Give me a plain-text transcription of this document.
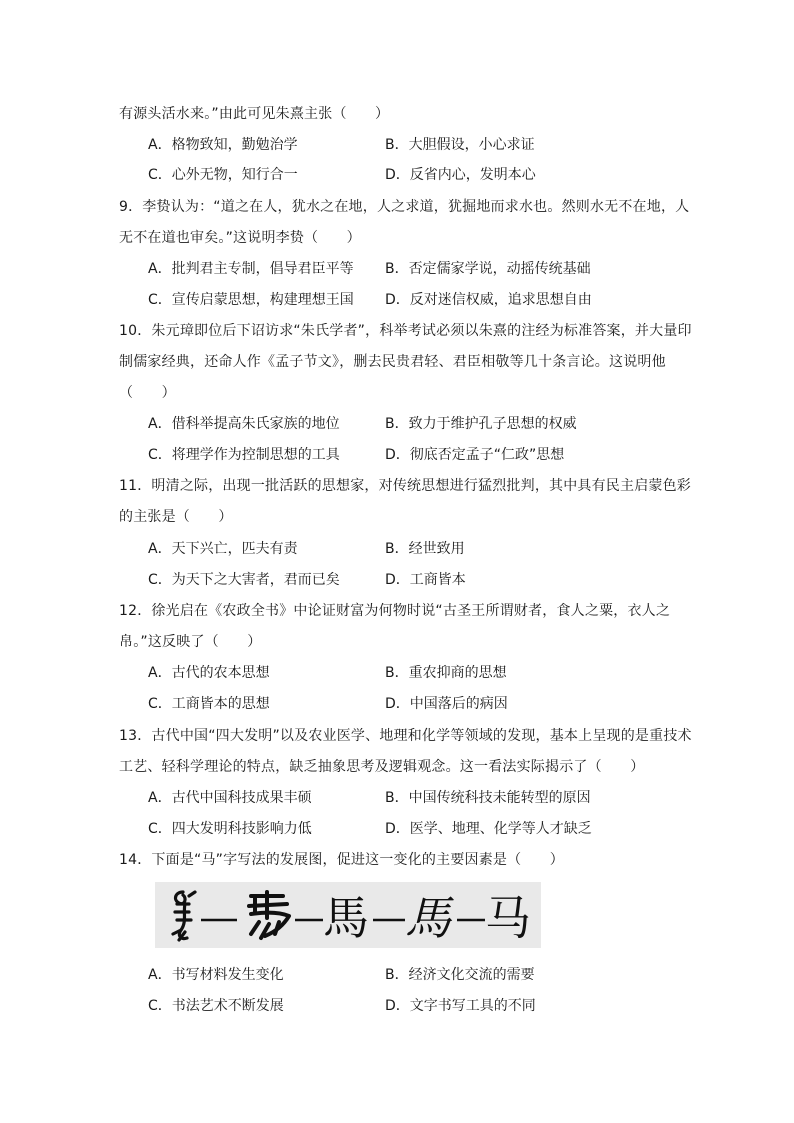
有源头活水来。”由此可见朱熹主张（　　）
A．格物致知，勤勉治学	B．大胆假设，小心求证
C．心外无物，知行合一	D．反省内心，发明本心
9．李贽认为：“道之在人，犹水之在地，人之求道，犹掘地而求水也。然则水无不在地，人
无不在道也审矣。”这说明李贽（　　）
A．批判君主专制，倡导君臣平等 B．否定儒家学说，动摇传统基础
C．宣传启蒙思想，构建理想王国 D．反对迷信权威，追求思想自由
10．朱元璋即位后下诏访求“朱氏学者”，科举考试必须以朱熹的注经为标准答案，并大量印
制儒家经典，还命人作《孟子节文》，删去民贵君轻、君臣相敬等几十条言论。这说明他
（　　）
A．借科举提高朱氏家族的地位	B．致力于维护孔子思想的权威
C．将理学作为控制思想的工具	D．彻底否定孟子“仁政”思想
11．明清之际，出现一批活跃的思想家，对传统思想进行猛烈批判，其中具有民主启蒙色彩
的主张是（　　）
A．天下兴亡，匹夫有责	B．经世致用
C．为天下之大害者，君而已矣	D．工商皆本
12．徐光启在《农政全书》中论证财富为何物时说“古圣王所谓财者，食人之粟，衣人之
帛。”这反映了（　　）
A．古代的农本思想	B．重农抑商的思想
C．工商皆本的思想	D．中国落后的病因
13．古代中国“四大发明”以及农业医学、地理和化学等领域的发现，基本上呈现的是重技术
工艺、轻科学理论的特点，缺乏抽象思考及逻辑观念。这一看法实际揭示了（　　）
A．古代中国科技成果丰硕	B．中国传统科技未能转型的原因
C．四大发明科技影响力低	D．医学、地理、化学等人才缺乏
14．下面是“马”字写法的发展图，促进这一变化的主要因素是（　　）
馬 馬 马
A．书写材料发生变化	B．经济文化交流的需要
C．书法艺术不断发展	D．文字书写工具的不同
